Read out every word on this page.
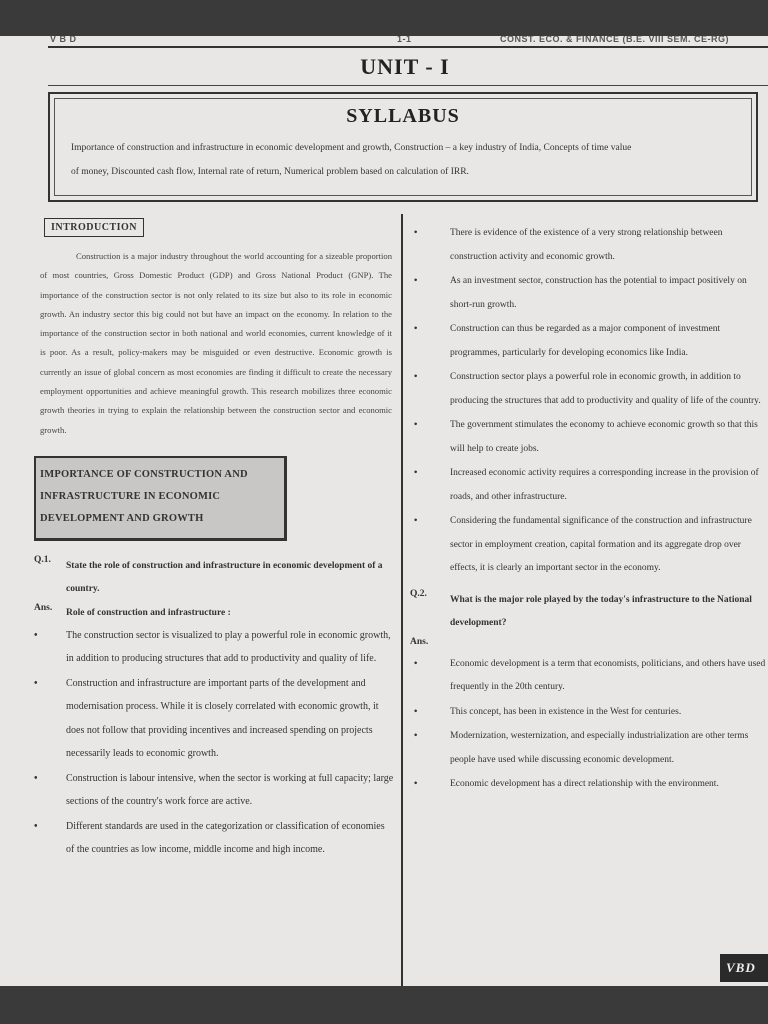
V B D	1-1	CONST. ECO. & FINANCE (B.E. VIII SEM. CE-RG)
UNIT - I

SYLLABUS

Importance of construction and infrastructure in economic development and growth, Construction – a key industry of India, Concepts of time value

of money, Discounted cash flow, Internal rate of return, Numerical problem based on calculation of IRR.

INTRODUCTION

Construction is a major industry throughout the world accounting for a sizeable proportion of most countries, Gross Domestic Product (GDP) and Gross National Product (GNP). The importance of the construction sector is not only related to its size but also to its role in economic growth. An industry sector this big could not but have an impact on the economy. In relation to the importance of the construction sector in both national and world economies, current knowledge of it is poor. As a result, policy-makers may be misguided or even destructive. Economic growth is currently an issue of global concern as most economies are finding it difficult to create the necessary employment opportunities and achieve meaningful growth. This research mobilizes three economic growth theories in trying to explain the relationship between the construction sector and economic growth.

IMPORTANCE OF CONSTRUCTION AND
INFRASTRUCTURE IN ECONOMIC
DEVELOPMENT AND GROWTH
Q.1.
State the role of construction and infrastructure in economic development of a country.
Ans. Role of construction and infrastructure :
•	The construction sector is visualized to play a powerful role in economic growth, in addition to producing structures that add to productivity and quality of life.
•	Construction and infrastructure are important parts of the development and modernisation process. While it is closely correlated with economic growth, it does not follow that providing incentives and increased spending on projects necessarily leads to economic growth.
•	Construction is labour intensive, when the sector is working at full capacity; large sections of the country's work force are active.
•	Different standards are used in the categorization or classification of economies of the countries as low income, middle income and high income.
•	There is evidence of the existence of a very strong relationship between construction activity and economic growth.
•	As an investment sector, construction has the potential to impact positively on short-run growth.
•	Construction can thus be regarded as a major component of investment programmes, particularly for developing economics like India.
•	Construction sector plays a powerful role in economic growth, in addition to producing the structures that add to productivity and quality of life of the country.
•	The government stimulates the economy to achieve economic growth so that this will help to create jobs.
•	Increased economic activity requires a corresponding increase in the provision of roads, and other infrastructure.
•	Considering the fundamental significance of the construction and infrastructure sector in employment creation, capital formation and its aggregate drop over effects, it is clearly an important sector in the economy.
Q.2.
What is the major role played by the today's infrastructure to the National development?
Ans.
•	Economic development is a term that economists, politicians, and others have used frequently in the 20th century.
•	This concept, has been in existence in the West for centuries.
•	Modernization, westernization, and especially industrialization are other terms people have used while discussing economic development.
•	Economic development has a direct relationship with the environment.
VBD
